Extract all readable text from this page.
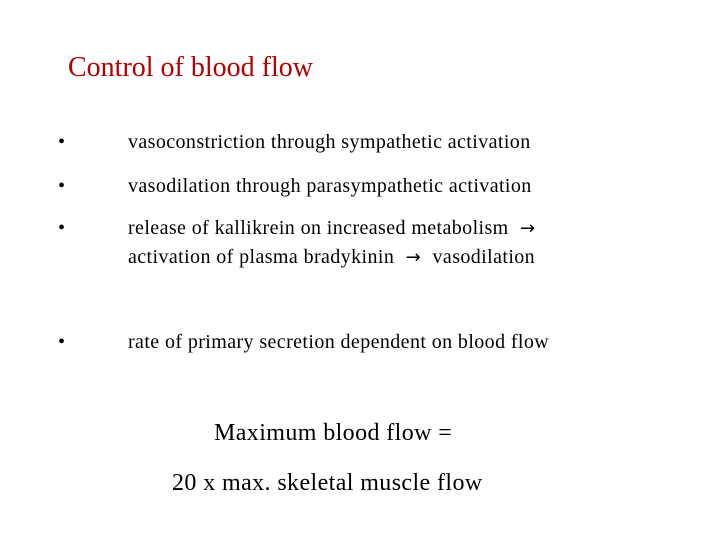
Control of blood flow
•	vasoconstriction through sympathetic activation
•	vasodilation through parasympathetic activation
•	release of kallikrein on increased metabolism →
activation of plasma bradykinin → vasodilation
•	rate of primary secretion dependent on blood flow
Maximum blood flow =
20 x max. skeletal muscle flow
